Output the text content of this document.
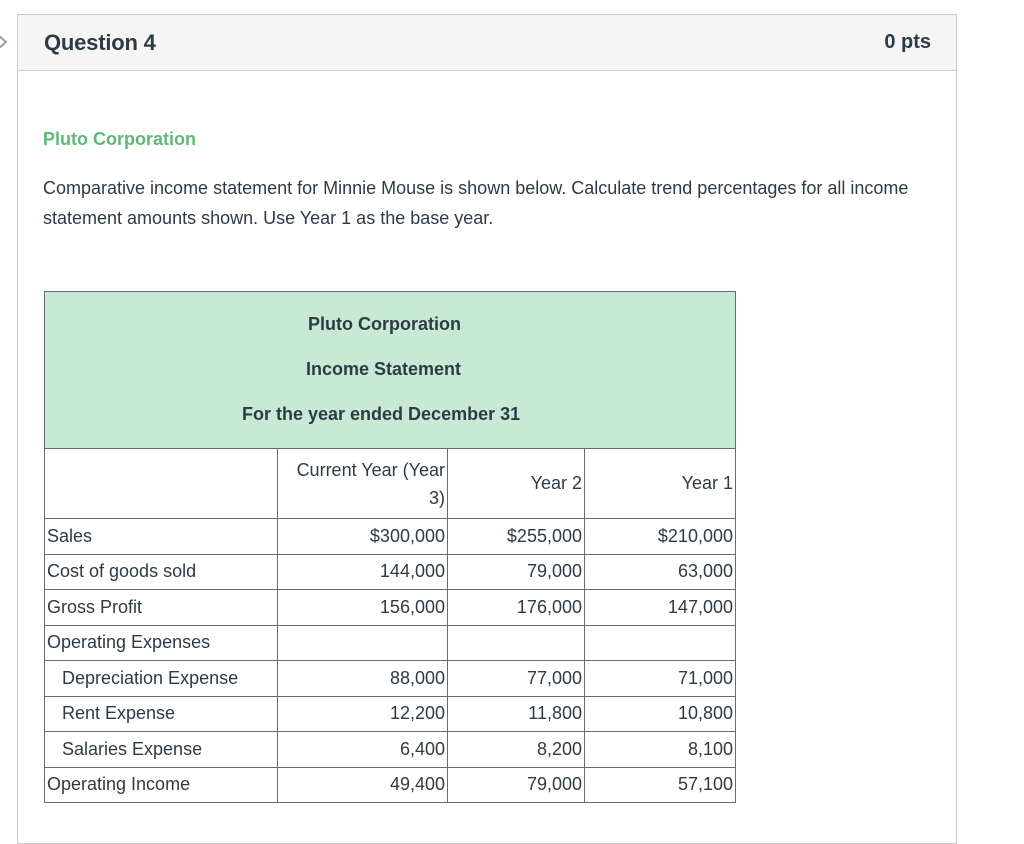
Question 4	0 pts
Pluto Corporation
Comparative income statement for Minnie Mouse is shown below. Calculate trend percentages for all income statement amounts shown. Use Year 1 as the base year.
Pluto Corporation
Income Statement
For the year ended December 31			

	Current Year (Year 3)	Year 2	Year 1
Sales	$300,000	$255,000	$210,000
Cost of goods sold	144,000	79,000	63,000
Gross Profit	156,000	176,000	147,000
Operating Expenses			
Depreciation Expense	88,000	77,000	71,000
Rent Expense	12,200	11,800	10,800
Salaries Expense	6,400	8,200	8,100
Operating Income	49,400	79,000	57,100
